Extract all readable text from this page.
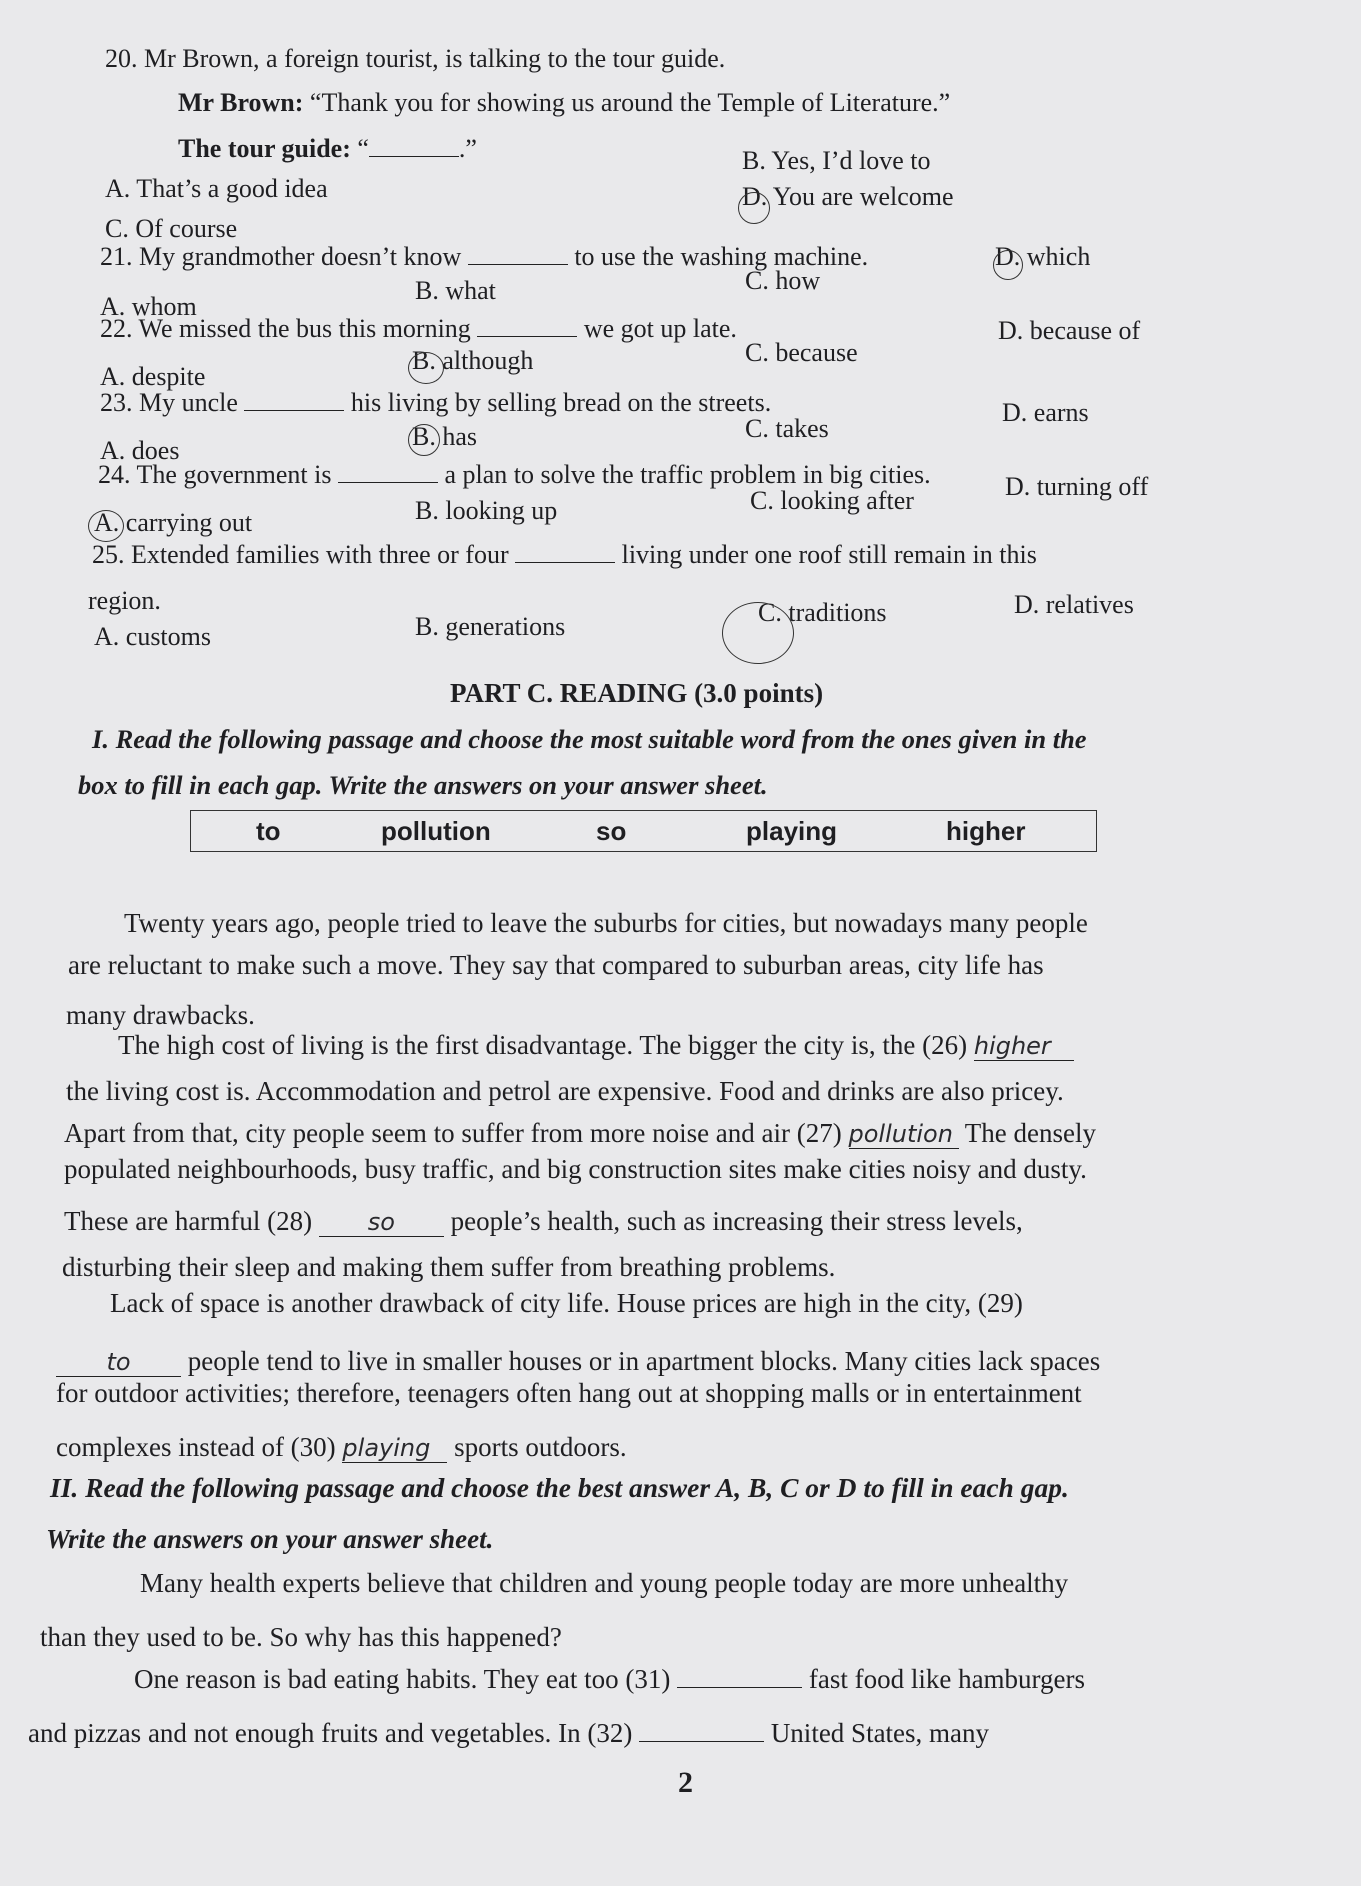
20. Mr Brown, a foreign tourist, is talking to the tour guide.
Mr Brown: “Thank you for showing us around the Temple of Literature.”
The tour guide: “	.”
A. That’s a good idea
B. Yes, I’d love to
C. Of course
D. You are welcome
21. My grandmother doesn’t know	to use the washing machine.
A. whom
B. what	C. how
D. which
22. We missed the bus this morning	we got up late.
A. despite
B. although	C. because
D. because of
23. My uncle	his living by selling bread on the streets.
A. does	B. has	C. takes
D. earns
24. The government is	a plan to solve the traffic problem in big cities.
A. carrying out	B. looking up	C. looking after	D. turning off
25. Extended families with three or four	living under one roof still remain in this
region.
A. customs	B. generations	C. traditions	D. relatives
PART C. READING (3.0 points)
I. Read the following passage and choose the most suitable word from the ones given in the
box to fill in each gap. Write the answers on your answer sheet.
to	pollution	so	playing	higher
Twenty years ago, people tried to leave the suburbs for cities, but nowadays many people
are reluctant to make such a move. They say that compared to suburban areas, city life has
many drawbacks.
The high cost of living is the first disadvantage. The bigger the city is, the (26) higher
the living cost is. Accommodation and petrol are expensive. Food and drinks are also pricey.
Apart from that, city people seem to suffer from more noise and air (27) pollution The densely
populated neighbourhoods, busy traffic, and big construction sites make cities noisy and dusty.
These are harmful (28) so people’s health, such as increasing their stress levels,
disturbing their sleep and making them suffer from breathing problems.
Lack of space is another drawback of city life. House prices are high in the city, (29)
to people tend to live in smaller houses or in apartment blocks. Many cities lack spaces
for outdoor activities; therefore, teenagers often hang out at shopping malls or in entertainment
complexes instead of (30) playing sports outdoors.
II. Read the following passage and choose the best answer A, B, C or D to fill in each gap.
Write the answers on your answer sheet.
Many health experts believe that children and young people today are more unhealthy
than they used to be. So why has this happened?
One reason is bad eating habits. They eat too (31)	fast food like hamburgers
and pizzas and not enough fruits and vegetables. In (32)	United States, many
2
